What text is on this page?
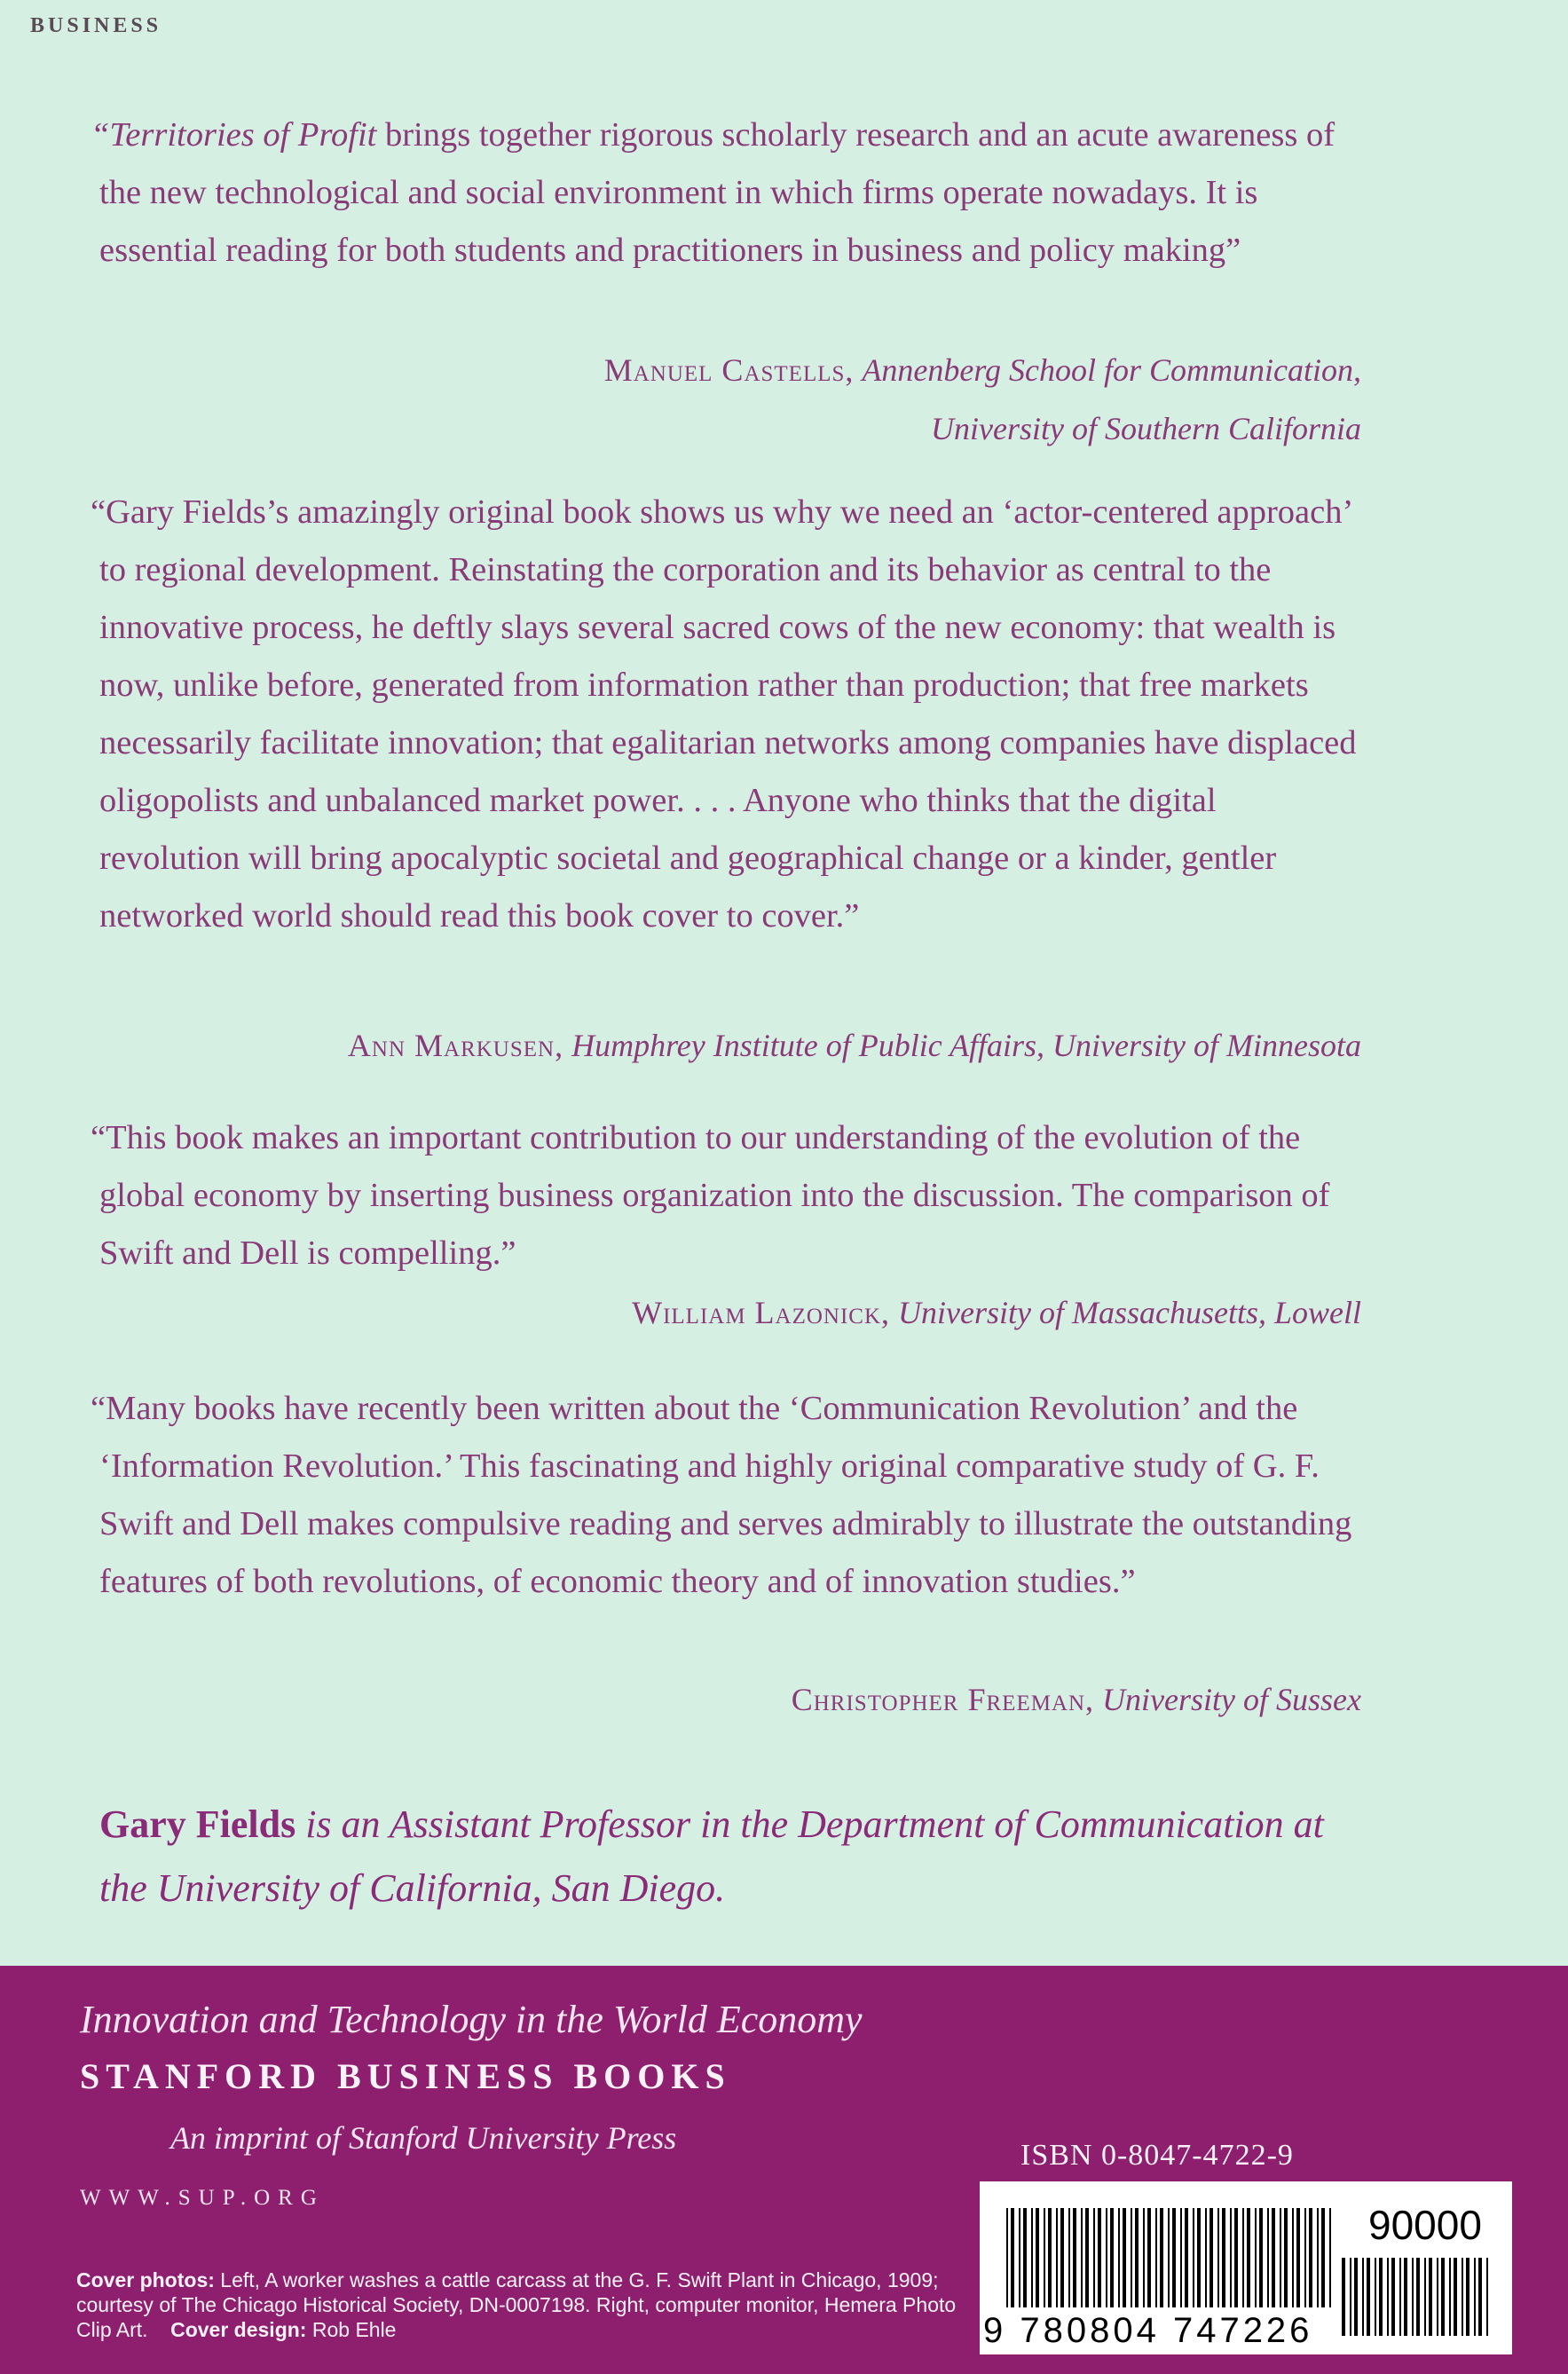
BUSINESS

“Territories of Profit brings together rigorous scholarly research and an acute awareness of the new technological and social environment in which firms operate nowadays. It is essential reading for both students and practitioners in business and policy making”

Manuel Castells, Annenberg School for Communication,
University of Southern California

“Gary Fields’s amazingly original book shows us why we need an ‘actor-centered approach’ to regional development. Reinstating the corporation and its behavior as central to the innovative process, he deftly slays several sacred cows of the new economy: that wealth is now, unlike before, generated from information rather than production; that free markets necessarily facilitate innovation; that egalitarian networks among companies have displaced oligopolists and unbalanced market power. . . . Anyone who thinks that the digital revolution will bring apocalyptic societal and geographical change or a kinder, gentler networked world should read this book cover to cover.”

Ann Markusen, Humphrey Institute of Public Affairs, University of Minnesota

“This book makes an important contribution to our understanding of the evolution of the global economy by inserting business organization into the discussion. The comparison of Swift and Dell is compelling.”

William Lazonick, University of Massachusetts, Lowell

“Many books have recently been written about the ‘Communication Revolution’ and the ‘Information Revolution.’ This fascinating and highly original comparative study of G. F. Swift and Dell makes compulsive reading and serves admirably to illustrate the outstanding features of both revolutions, of economic theory and of innovation studies.”

Christopher Freeman, University of Sussex
Gary Fields is an Assistant Professor in the Department of Communication at the University of California, San Diego.
Innovation and Technology in the World Economy
STANFORD BUSINESS BOOKS
An imprint of Stanford University Press
WWW.SUP.ORG
Cover photos: Left, A worker washes a cattle carcass at the G. F. Swift Plant in Chicago, 1909; courtesy of The Chicago Historical Society, DN-0007198. Right, computer monitor, Hemera Photo Clip Art. Cover design: Rob Ehle
ISBN 0-8047-4722-9
90000
9 780804 747226
